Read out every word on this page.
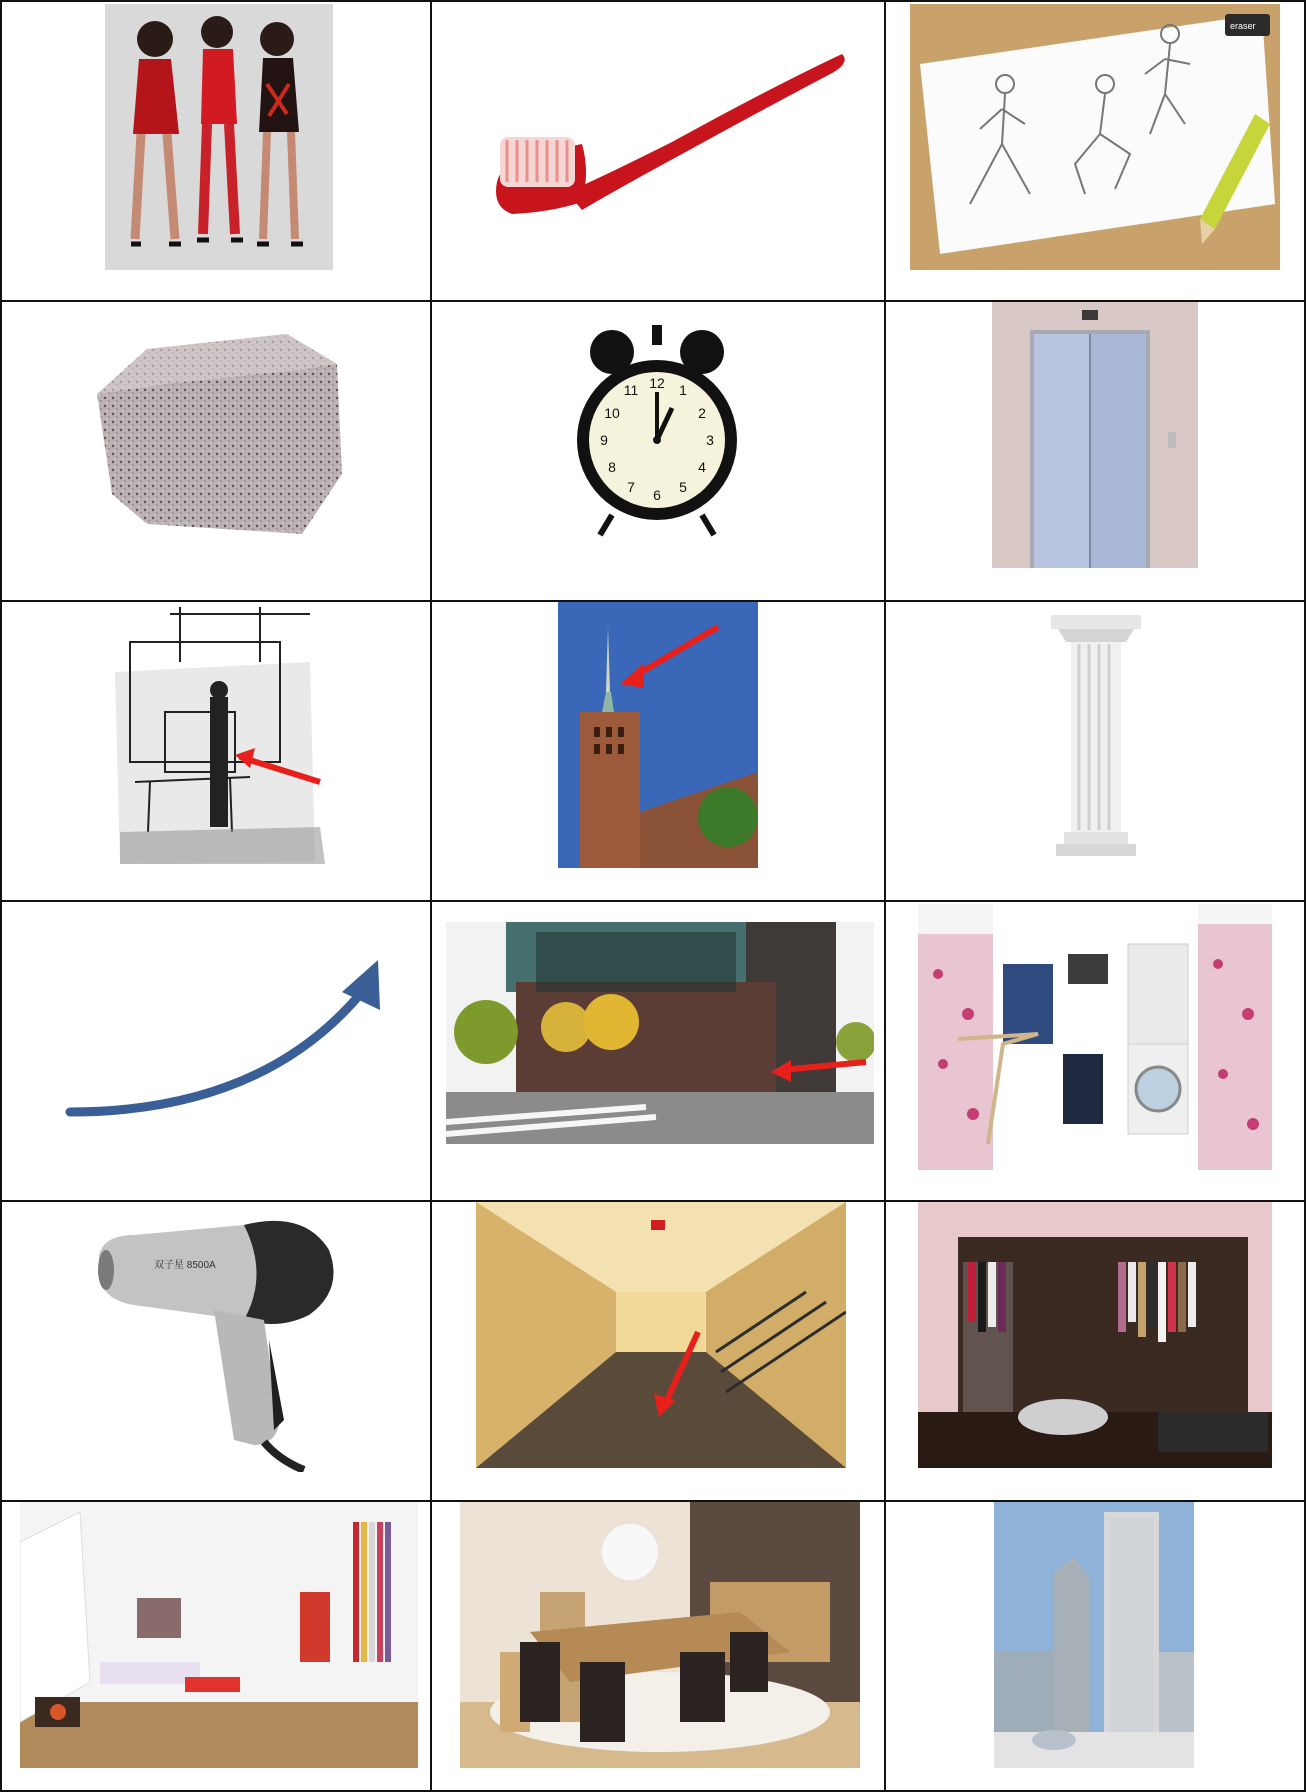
eraser
12 1
2
3
4
5
6
7
8
9
10
11
双子星 8500A
